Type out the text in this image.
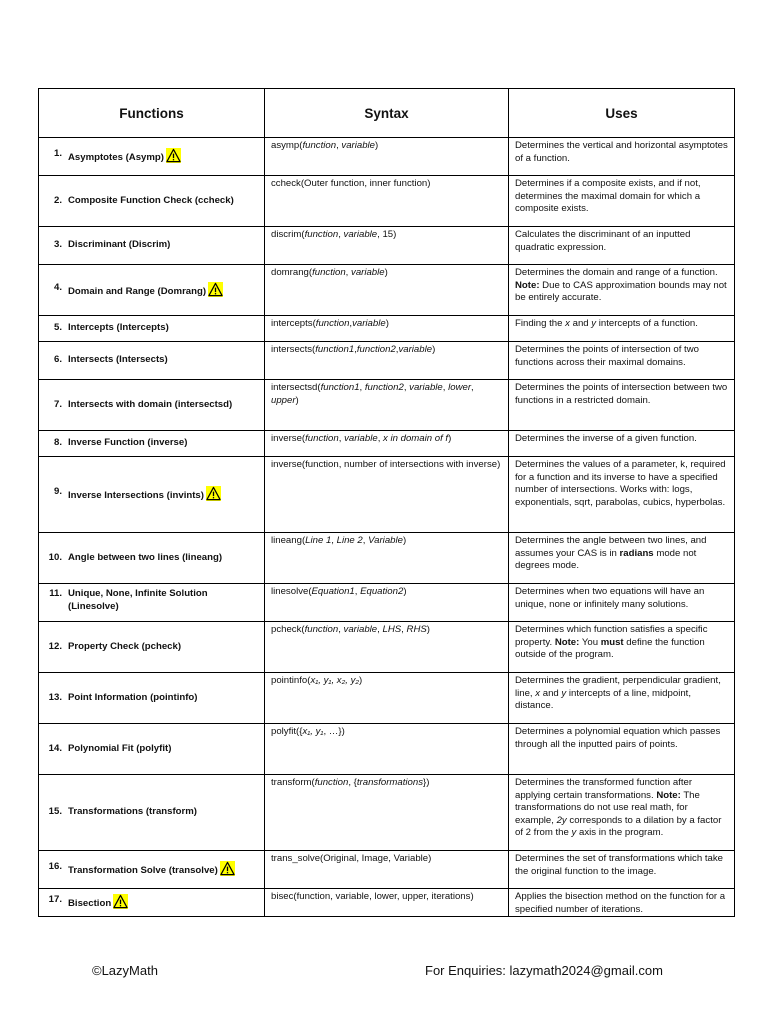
Functions	Syntax	Uses

1. Asymptotes (Asymp)	asymp(function, variable)	Determines the vertical and horizontal asymptotes of a function.

2. Composite Function Check (ccheck)	ccheck(Outer function, inner function)	Determines if a composite exists, and if not, determines the maximal domain for which a composite exists.

3. Discriminant (Discrim)	discrim(function, variable, 15)	Calculates the discriminant of an inputted quadratic expression.

4. Domain and Range (Domrang)	domrang(function, variable)	Determines the domain and range of a function. Note: Due to CAS approximation bounds may not be entirely accurate.

5. Intercepts (Intercepts)	intercepts(function,variable)	Finding the x and y intercepts of a function.

6. Intersects (Intersects)	intersects(function1,function2,variable)	Determines the points of intersection of two functions across their maximal domains.

7. Intersects with domain (intersectsd)	intersectsd(function1, function2, variable, lower, upper)	Determines the points of intersection between two functions in a restricted domain.

8. Inverse Function (inverse)	inverse(function, variable, x in domain of f)	Determines the inverse of a given function.

9. Inverse Intersections (invints)	inverse(function, number of intersections with inverse)	Determines the values of a parameter, k, required for a function and its inverse to have a specified number of intersections. Works with: logs, exponentials, sqrt, parabolas, cubics, hyperbolas.

10. Angle between two lines (lineang)	lineang(Line 1, Line 2, Variable)	Determines the angle between two lines, and assumes your CAS is in radians mode not degrees mode.

11. Unique, None, Infinite Solution (Linesolve)	linesolve(Equation1, Equation2)	Determines when two equations will have an unique, none or infinitely many solutions.

12. Property Check (pcheck)	pcheck(function, variable, LHS, RHS)	Determines which function satisfies a specific property. Note: You must define the function outside of the program.

13. Point Information (pointinfo)	pointinfo(x₁, y₁, x₂, y₂)	Determines the gradient, perpendicular gradient, line, x and y intercepts of a line, midpoint, distance.

14. Polynomial Fit (polyfit)	polyfit({x₁, y₁, …})	Determines a polynomial equation which passes through all the inputted pairs of points.

15. Transformations (transform)	transform(function, {transformations})	Determines the transformed function after applying certain transformations. Note: The transformations do not use real math, for example, 2y corresponds to a dilation by a factor of 2 from the y axis in the program.

16. Transformation Solve (transolve)	trans_solve(Original, Image, Variable)	Determines the set of transformations which take the original function to the image.

17. Bisection	bisec(function, variable, lower, upper, iterations)	Applies the bisection method on the function for a specified number of iterations.
©LazyMath	For Enquiries: lazymath2024@gmail.com
